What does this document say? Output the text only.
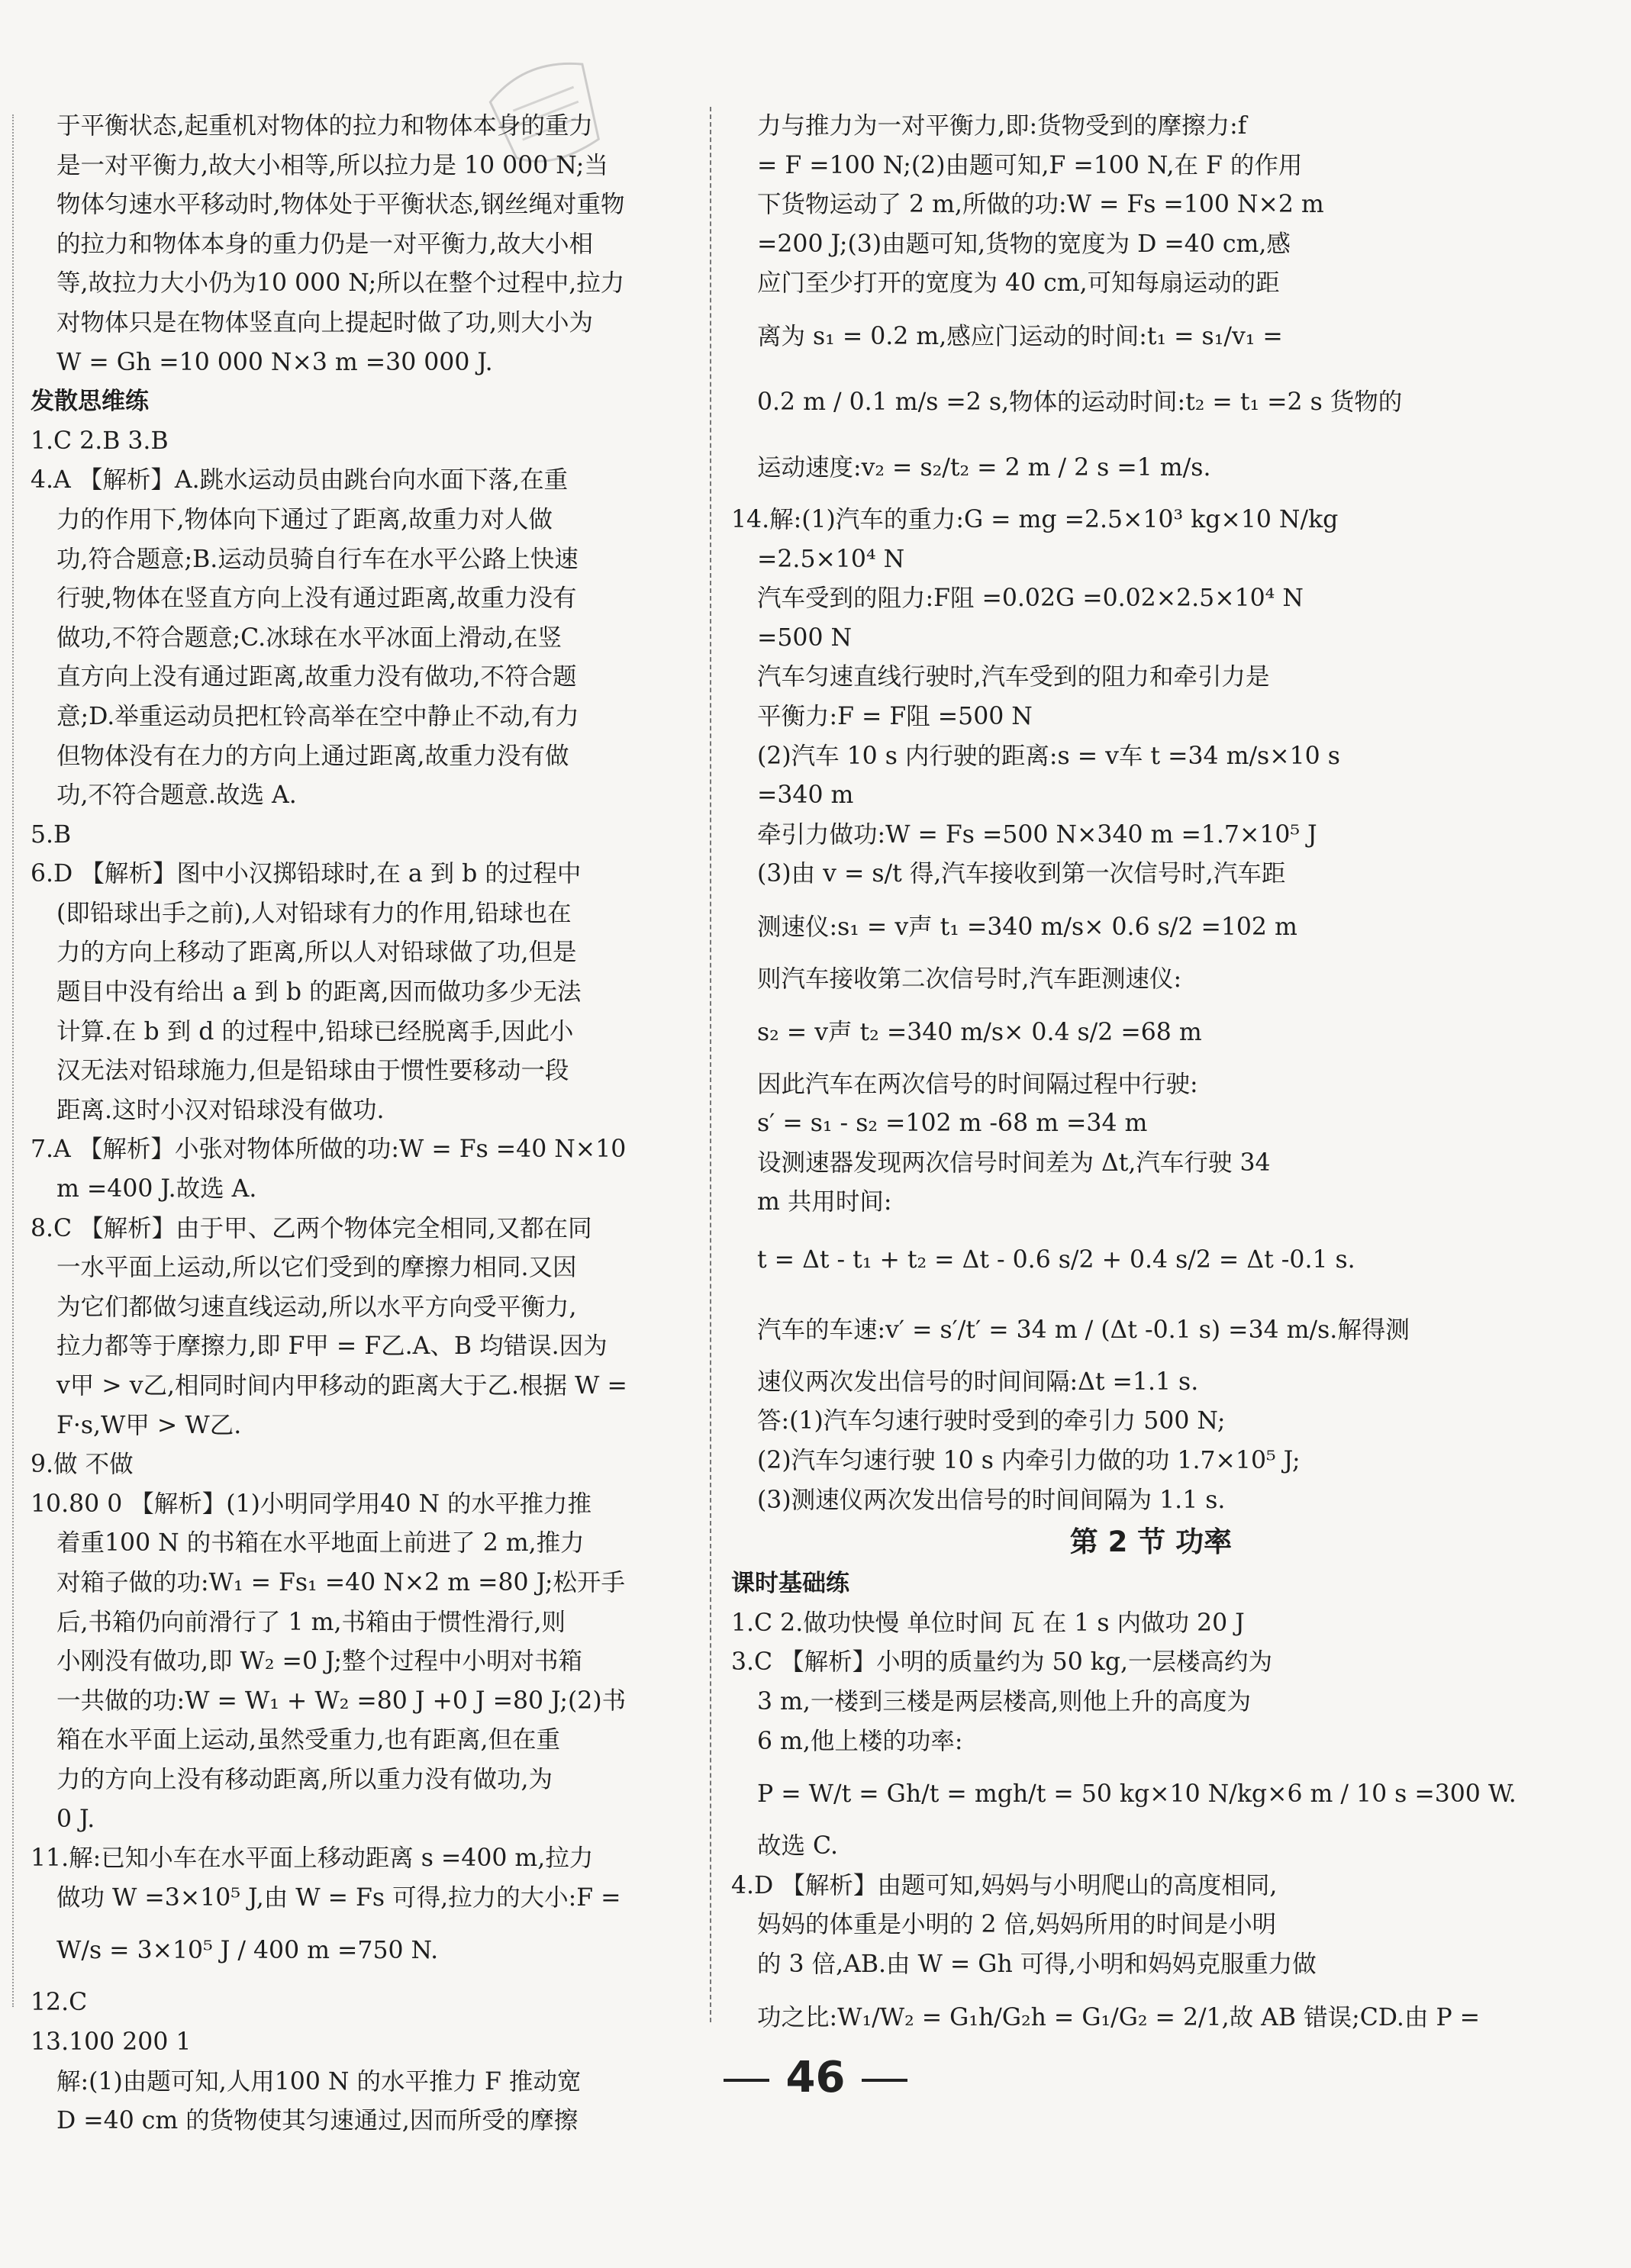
于平衡状态,起重机对物体的拉力和物体本身的重力
是一对平衡力,故大小相等,所以拉力是 10 000 N;当
物体匀速水平移动时,物体处于平衡状态,钢丝绳对重物
的拉力和物体本身的重力仍是一对平衡力,故大小相
等,故拉力大小仍为10 000 N;所以在整个过程中,拉力
对物体只是在物体竖直向上提起时做了功,则大小为
W = Gh =10 000 N×3 m =30 000 J.
发散思维练
1.C 2.B 3.B
4.A 【解析】A.跳水运动员由跳台向水面下落,在重
力的作用下,物体向下通过了距离,故重力对人做
功,符合题意;B.运动员骑自行车在水平公路上快速
行驶,物体在竖直方向上没有通过距离,故重力没有
做功,不符合题意;C.冰球在水平冰面上滑动,在竖
直方向上没有通过距离,故重力没有做功,不符合题
意;D.举重运动员把杠铃高举在空中静止不动,有力
但物体没有在力的方向上通过距离,故重力没有做
功,不符合题意.故选 A.
5.B
6.D 【解析】图中小汉掷铅球时,在 a 到 b 的过程中
(即铅球出手之前),人对铅球有力的作用,铅球也在
力的方向上移动了距离,所以人对铅球做了功,但是
题目中没有给出 a 到 b 的距离,因而做功多少无法
计算.在 b 到 d 的过程中,铅球已经脱离手,因此小
汉无法对铅球施力,但是铅球由于惯性要移动一段
距离.这时小汉对铅球没有做功.
7.A 【解析】小张对物体所做的功:W = Fs =40 N×10
m =400 J.故选 A.
8.C 【解析】由于甲、乙两个物体完全相同,又都在同
一水平面上运动,所以它们受到的摩擦力相同.又因
为它们都做匀速直线运动,所以水平方向受平衡力,
拉力都等于摩擦力,即 F甲 = F乙.A、B 均错误.因为
v甲 > v乙,相同时间内甲移动的距离大于乙.根据 W =
F·s,W甲 > W乙.
9.做 不做
10.80 0 【解析】(1)小明同学用40 N 的水平推力推
着重100 N 的书箱在水平地面上前进了 2 m,推力
对箱子做的功:W₁ = Fs₁ =40 N×2 m =80 J;松开手
后,书箱仍向前滑行了 1 m,书箱由于惯性滑行,则
小刚没有做功,即 W₂ =0 J;整个过程中小明对书箱
一共做的功:W = W₁ + W₂ =80 J +0 J =80 J;(2)书
箱在水平面上运动,虽然受重力,也有距离,但在重
力的方向上没有移动距离,所以重力没有做功,为
0 J.
11.解:已知小车在水平面上移动距离 s =400 m,拉力
做功 W =3×10⁵ J,由 W = Fs 可得,拉力的大小:F =
W/s = 3×10⁵ J / 400 m =750 N.
12.C
13.100 200 1
解:(1)由题可知,人用100 N 的水平推力 F 推动宽
D =40 cm 的货物使其匀速通过,因而所受的摩擦
力与推力为一对平衡力,即:货物受到的摩擦力:f
= F =100 N;(2)由题可知,F =100 N,在 F 的作用
下货物运动了 2 m,所做的功:W = Fs =100 N×2 m
=200 J;(3)由题可知,货物的宽度为 D =40 cm,感
应门至少打开的宽度为 40 cm,可知每扇运动的距
离为 s₁ = 0.2 m,感应门运动的时间:t₁ = s₁/v₁ =
0.2 m / 0.1 m/s =2 s,物体的运动时间:t₂ = t₁ =2 s 货物的
运动速度:v₂ = s₂/t₂ = 2 m / 2 s =1 m/s.
14.解:(1)汽车的重力:G = mg =2.5×10³ kg×10 N/kg
=2.5×10⁴ N
汽车受到的阻力:F阻 =0.02G =0.02×2.5×10⁴ N
=500 N
汽车匀速直线行驶时,汽车受到的阻力和牵引力是
平衡力:F = F阻 =500 N
(2)汽车 10 s 内行驶的距离:s = v车 t =34 m/s×10 s
=340 m
牵引力做功:W = Fs =500 N×340 m =1.7×10⁵ J
(3)由 v = s/t 得,汽车接收到第一次信号时,汽车距
测速仪:s₁ = v声 t₁ =340 m/s× 0.6 s/2 =102 m
则汽车接收第二次信号时,汽车距测速仪:
s₂ = v声 t₂ =340 m/s× 0.4 s/2 =68 m
因此汽车在两次信号的时间隔过程中行驶:
s′ = s₁ - s₂ =102 m -68 m =34 m
设测速器发现两次信号时间差为 Δt,汽车行驶 34
m 共用时间:
t = Δt - t₁ + t₂ = Δt - 0.6 s/2 + 0.4 s/2 = Δt -0.1 s.
汽车的车速:v′ = s′/t′ = 34 m / (Δt -0.1 s) =34 m/s.解得测
速仪两次发出信号的时间间隔:Δt =1.1 s.
答:(1)汽车匀速行驶时受到的牵引力 500 N;
(2)汽车匀速行驶 10 s 内牵引力做的功 1.7×10⁵ J;
(3)测速仪两次发出信号的时间间隔为 1.1 s.
第 2 节 功率
课时基础练
1.C 2.做功快慢 单位时间 瓦 在 1 s 内做功 20 J
3.C 【解析】小明的质量约为 50 kg,一层楼高约为
3 m,一楼到三楼是两层楼高,则他上升的高度为
6 m,他上楼的功率:
P = W/t = Gh/t = mgh/t = 50 kg×10 N/kg×6 m / 10 s =300 W.
故选 C.
4.D 【解析】由题可知,妈妈与小明爬山的高度相同,
妈妈的体重是小明的 2 倍,妈妈所用的时间是小明
的 3 倍,AB.由 W = Gh 可得,小明和妈妈克服重力做
功之比:W₁/W₂ = G₁h/G₂h = G₁/G₂ = 2/1,故 AB 错误;CD.由 P =
46
